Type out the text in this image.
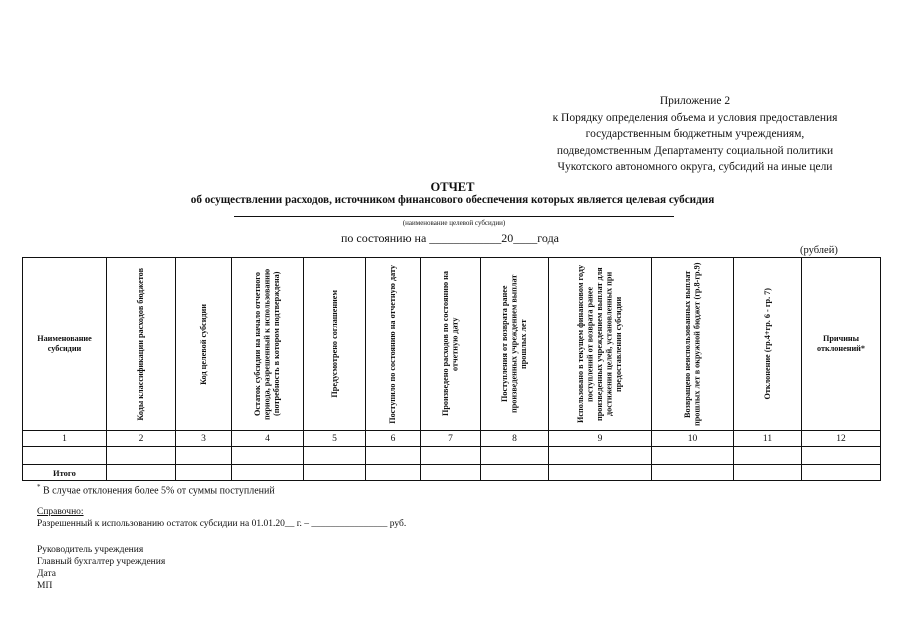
Приложение 2
к Порядку определения объема и условия предоставления
государственным бюджетным учреждениям,
подведомственным Департаменту социальной политики
Чукотского автономного округа, субсидий на иные цели
ОТЧЕТ
об осуществлении расходов, источником финансового обеспечения которых является целевая субсидия
(наименование целевой субсидии)
по состоянию на ____________20____года
(рублей)
Наименование субсидии	Коды классификации расходов бюджетов	Код целевой субсидии	Остаток субсидии на начало отчетного периода, разрешенный к использованию (потребность в котором подтверждена)	Предусмотрено соглашением	Поступило по состоянию на отчетную дату	Произведено расходов по состоянию на отчетную дату	Поступления от возврата ранее произведенных учреждением выплат прошлых лет	Использовано в текущем финансовом году поступлений от возврата ранее произведенных учреждением выплат для достижения целей, установленных при предоставлении субсидии	Возвращено неиспользованных выплат прошлых лет в окружной бюджет (гр.8-гр.9)	Отклонение (гр.4+гр. 6 - гр. 7)	Причины отклонений*

1	2	3	4	5	6	7	8	9	10	11	12

Итого											
* В случае отклонения более 5% от суммы поступлений
Справочно:
Разрешенный к использованию остаток субсидии на 01.01.20__ г. – ________________ руб.
Руководитель учреждения
Главный бухгалтер учреждения
Дата
МП
